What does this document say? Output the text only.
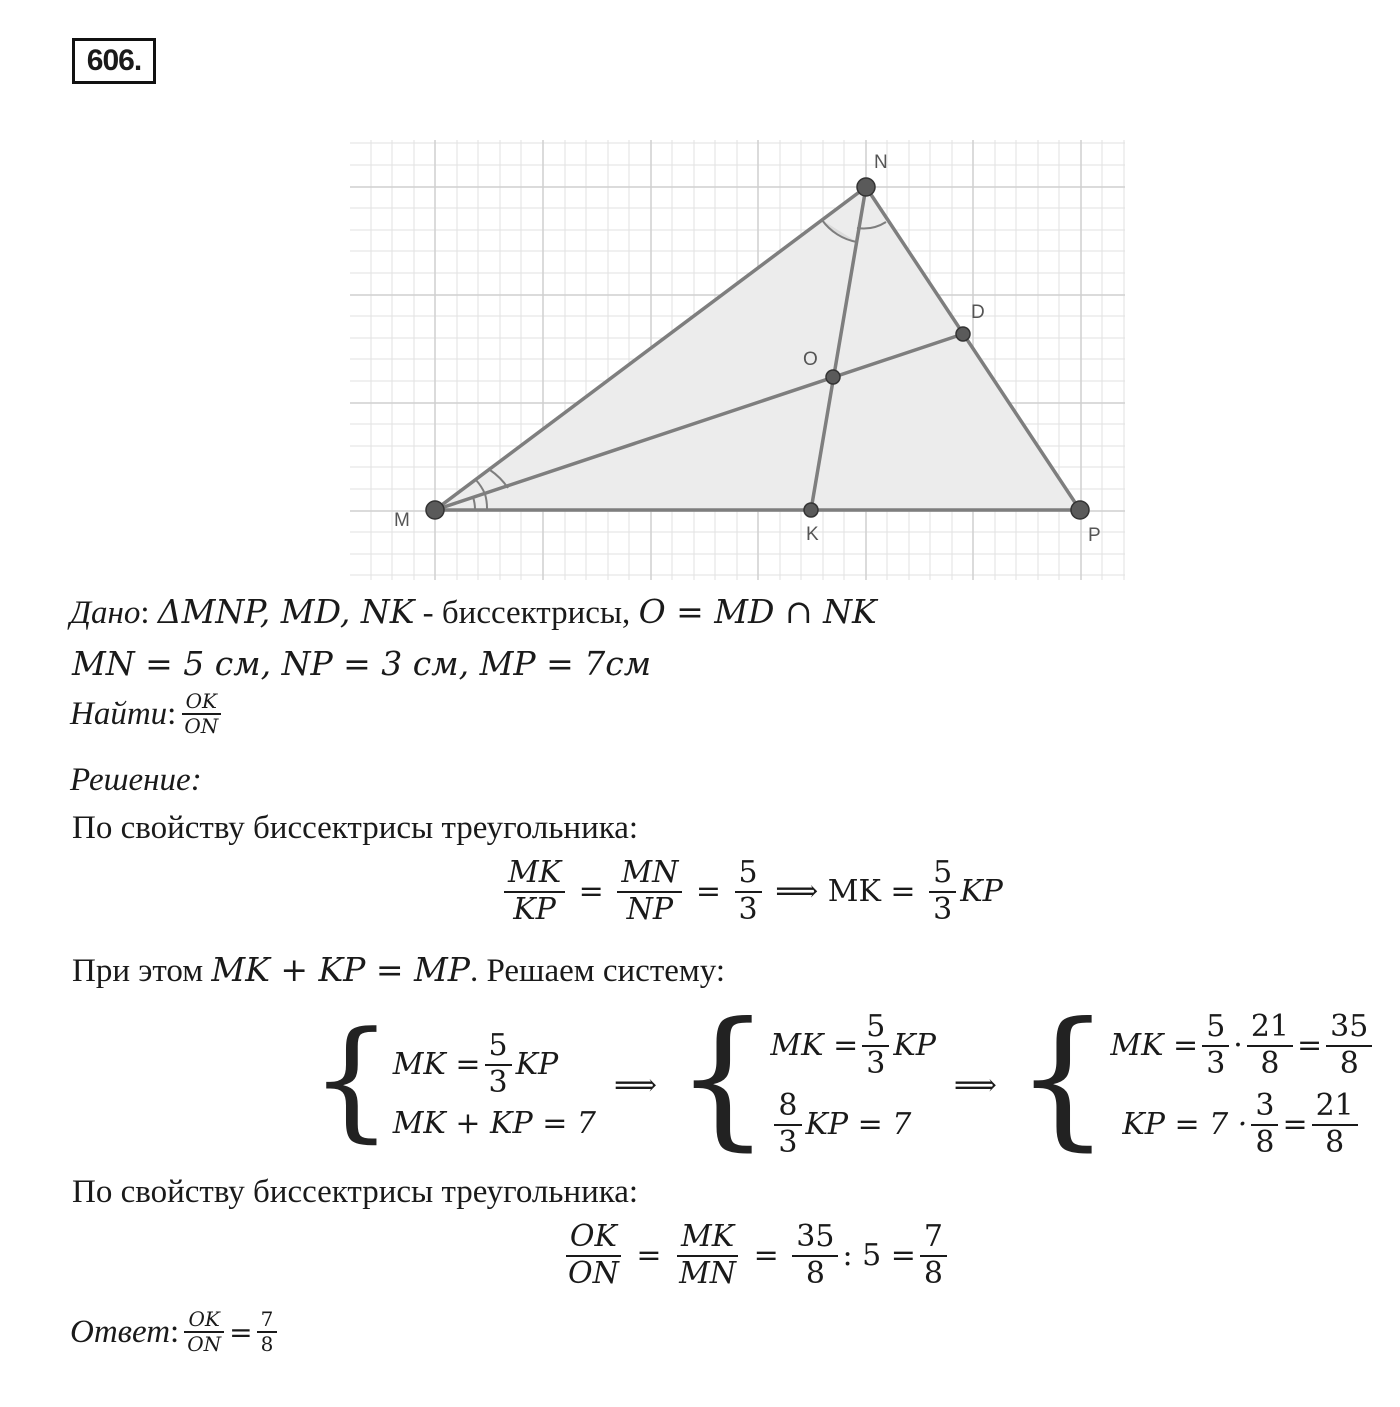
606.
M
N
P
K
D
O
Дано: ΔMNP, MD, NK - биссектрисы, O = MD ∩ NK
MN = 5 см, NP = 3 см, MP = 7см
Найти : $\frac{OK}{ON}$
Решение:
По свойству биссектрисы треугольника:
$\frac{MK}{KP} = \frac{MN}{NP} = \frac{5}{3}$ ⟹ MK = $\frac{5}{3}$ KP
При этом MK + KP = MP. Решаем систему:
{ MK = $\frac{5}{3}$ KP
MK + KP = 7
⟹ { MK = $\frac{5}{3}$ KP
$\frac{8}{3}$ KP = 7
⟹ { MK = $\frac{5}{3} \cdot \frac{21}{8} = \frac{35}{8}$
KP = $7 \cdot \frac{3}{8} = \frac{21}{8}$
По свойству биссектрисы треугольника:
$\frac{OK}{ON} = \frac{MK}{MN} = \frac{35}{8}$ : $5 = \frac{7}{8}$
Ответ : $\frac{OK}{ON} = \frac{7}{8}$
